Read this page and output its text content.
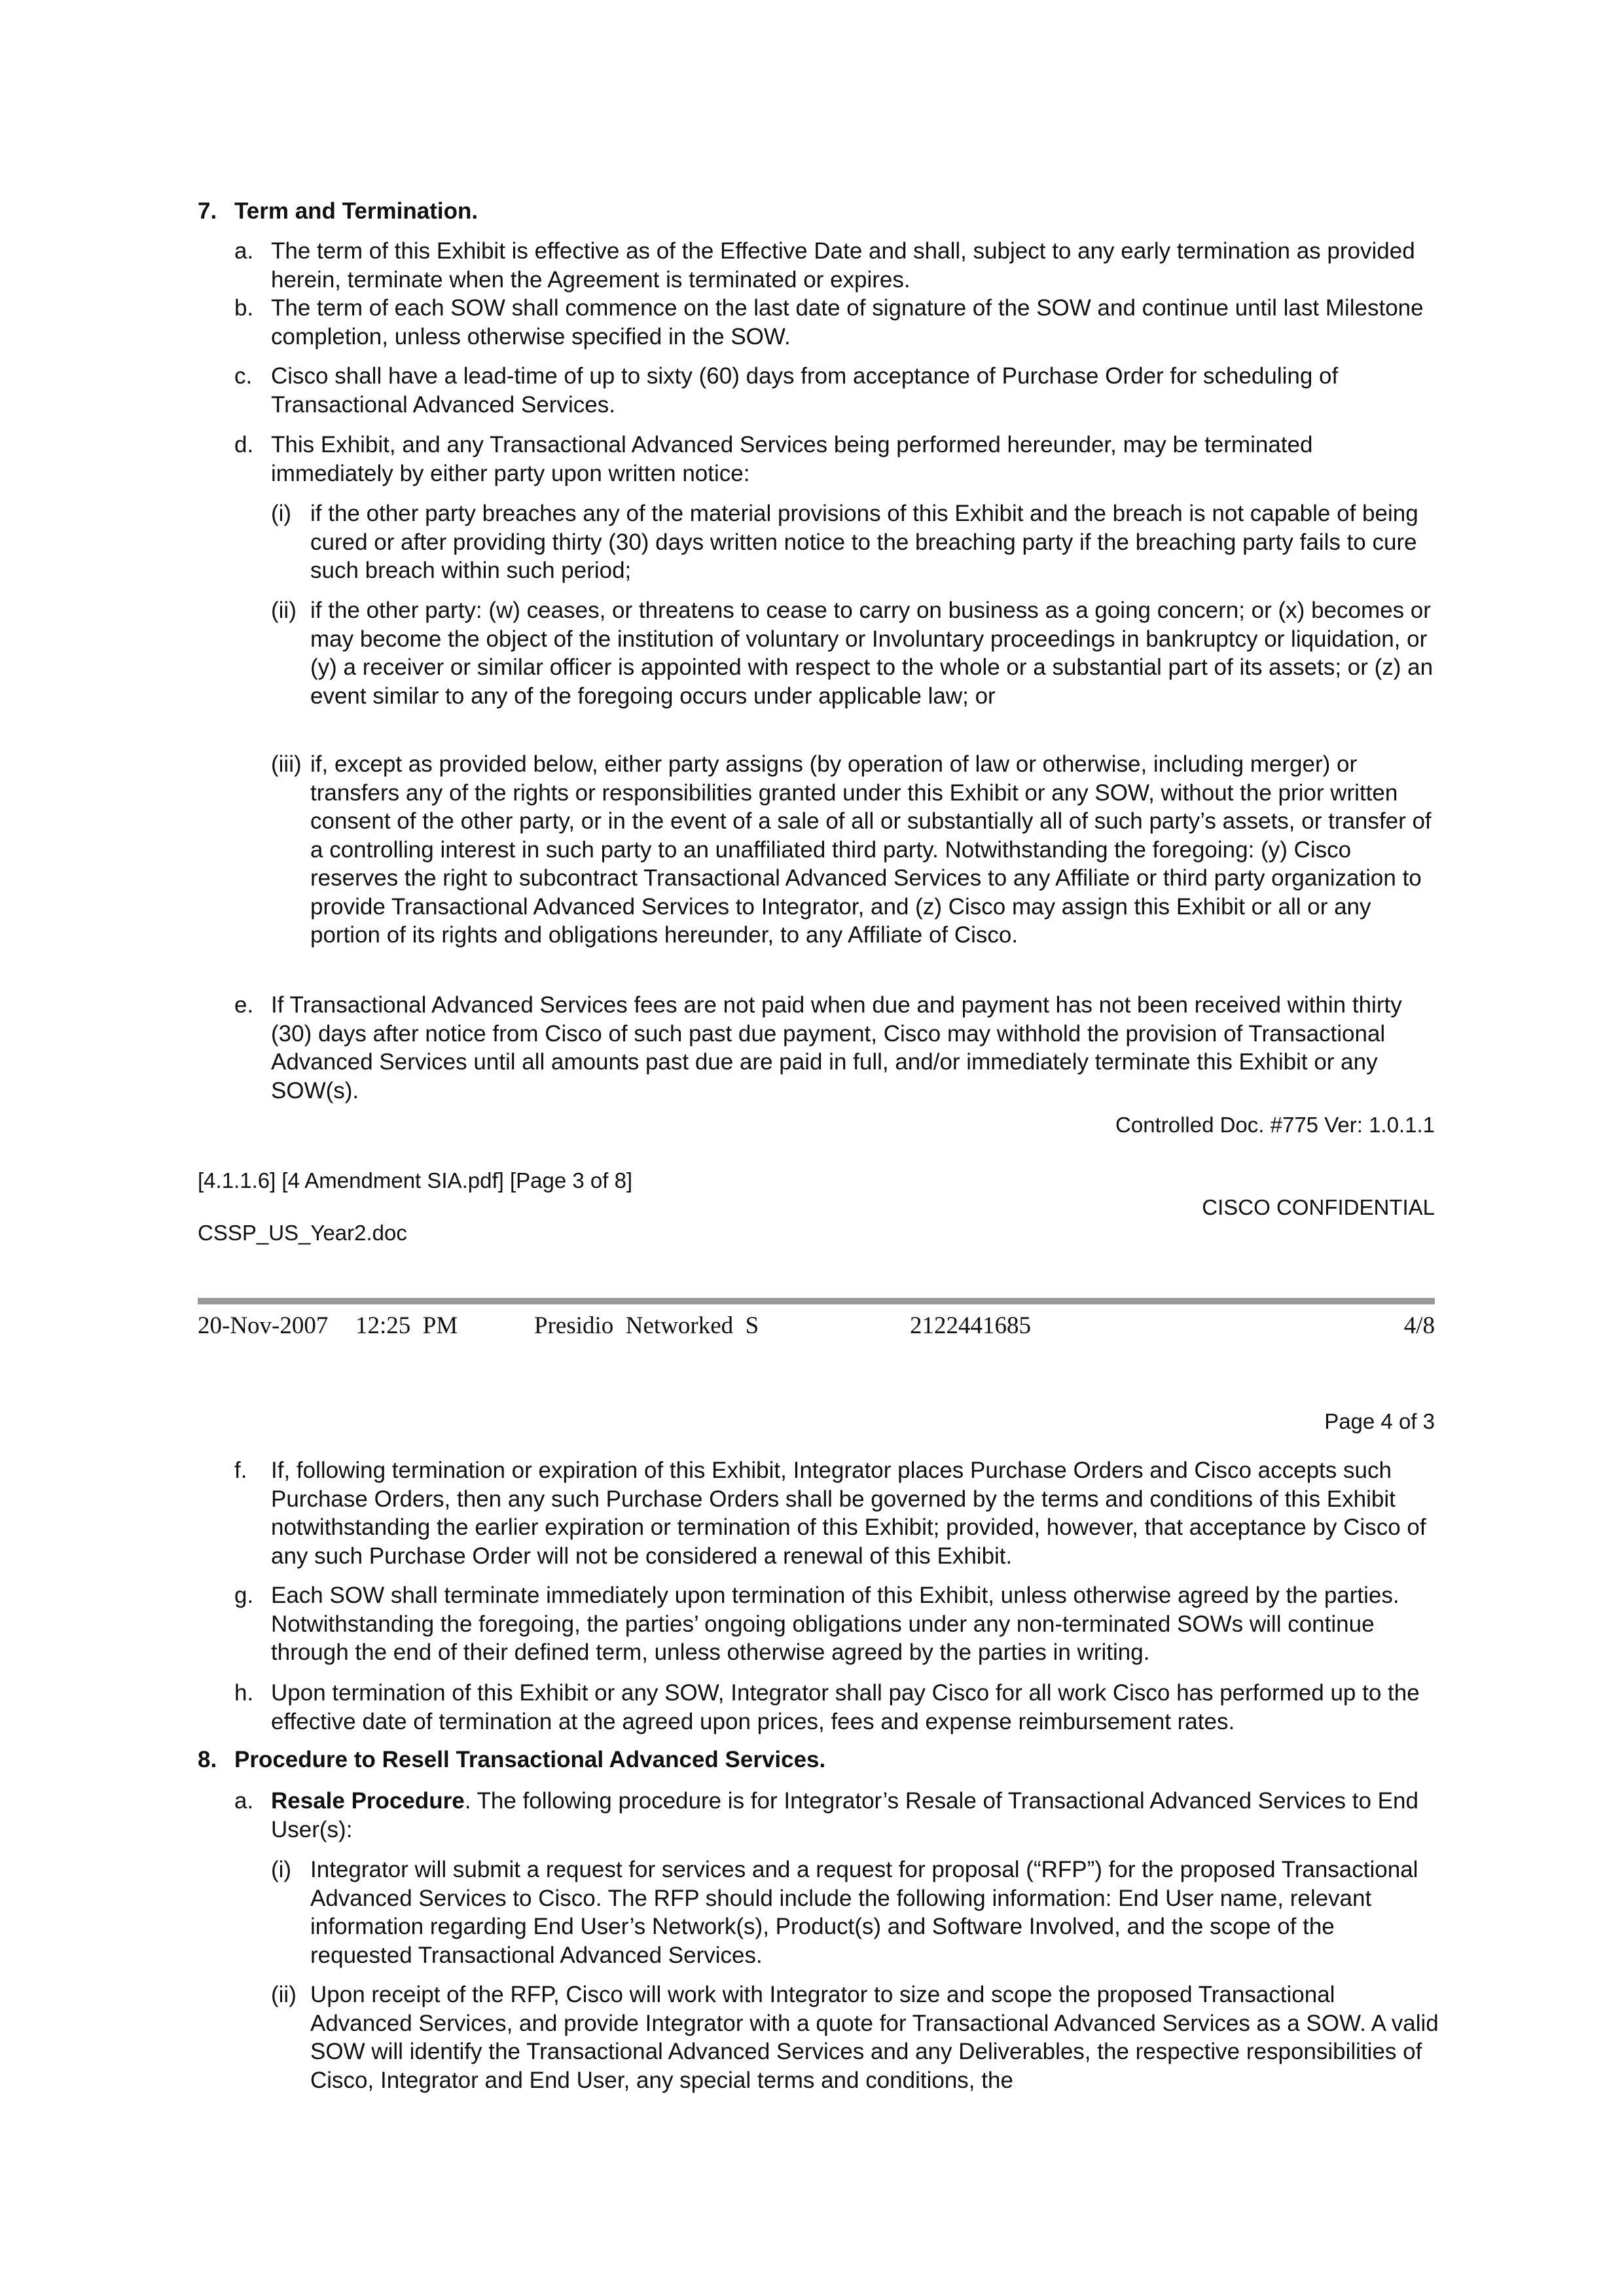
7. Term and Termination.
a. The term of this Exhibit is effective as of the Effective Date and shall, subject to any early termination as provided herein, terminate when the Agreement is terminated or expires.

b. The term of each SOW shall commence on the last date of signature of the SOW and continue until last Milestone completion, unless otherwise specified in the SOW.

c. Cisco shall have a lead-time of up to sixty (60) days from acceptance of Purchase Order for scheduling of Transactional Advanced Services.

d. This Exhibit, and any Transactional Advanced Services being performed hereunder, may be terminated immediately by either party upon written notice:

(i) if the other party breaches any of the material provisions of this Exhibit and the breach is not capable of being cured or after providing thirty (30) days written notice to the breaching party if the breaching party fails to cure such breach within such period;

(ii) if the other party: (w) ceases, or threatens to cease to carry on business as a going concern; or (x) becomes or may become the object of the institution of voluntary or Involuntary proceedings in bankruptcy or liquidation, or (y) a receiver or similar officer is appointed with respect to the whole or a substantial part of its assets; or (z) an event similar to any of the foregoing occurs under applicable law; or

(iii) if, except as provided below, either party assigns (by operation of law or otherwise, including merger) or transfers any of the rights or responsibilities granted under this Exhibit or any SOW, without the prior written consent of the other party, or in the event of a sale of all or substantially all of such party’s assets, or transfer of a controlling interest in such party to an unaffiliated third party. Notwithstanding the foregoing: (y) Cisco reserves the right to subcontract Transactional Advanced Services to any Affiliate or third party organization to provide Transactional Advanced Services to Integrator, and (z) Cisco may assign this Exhibit or all or any portion of its rights and obligations hereunder, to any Affiliate of Cisco.

e. If Transactional Advanced Services fees are not paid when due and payment has not been received within thirty (30) days after notice from Cisco of such past due payment, Cisco may withhold the provision of Transactional Advanced Services until all amounts past due are paid in full, and/or immediately terminate this Exhibit or any SOW(s).

Controlled Doc. #775 Ver: 1.0.1.1
[4.1.1.6] [4 Amendment SIA.pdf] [Page 3 of 8]
CISCO CONFIDENTIAL
CSSP_US_Year2.doc
20-Nov-2007 12:25  PM	Presidio  Networked  S	2122441685	4/8
Page 4 of 3
f. If, following termination or expiration of this Exhibit, Integrator places Purchase Orders and Cisco accepts such Purchase Orders, then any such Purchase Orders shall be governed by the terms and conditions of this Exhibit notwithstanding the earlier expiration or termination of this Exhibit; provided, however, that acceptance by Cisco of any such Purchase Order will not be considered a renewal of this Exhibit.

g. Each SOW shall terminate immediately upon termination of this Exhibit, unless otherwise agreed by the parties. Notwithstanding the foregoing, the parties’ ongoing obligations under any non-terminated SOWs will continue through the end of their defined term, unless otherwise agreed by the parties in writing.

h. Upon termination of this Exhibit or any SOW, Integrator shall pay Cisco for all work Cisco has performed up to the effective date of termination at the agreed upon prices, fees and expense reimbursement rates.

8. Procedure to Resell Transactional Advanced Services.
a. Resale Procedure. The following procedure is for Integrator’s Resale of Transactional Advanced Services to End User(s):

(i) Integrator will submit a request for services and a request for proposal (“RFP”) for the proposed Transactional Advanced Services to Cisco. The RFP should include the following information: End User name, relevant information regarding End User’s Network(s), Product(s) and Software Involved, and the scope of the requested Transactional Advanced Services.

(ii) Upon receipt of the RFP, Cisco will work with Integrator to size and scope the proposed Transactional Advanced Services, and provide Integrator with a quote for Transactional Advanced Services as a SOW. A valid SOW will identify the Transactional Advanced Services and any Deliverables, the respective responsibilities of Cisco, Integrator and End User, any special terms and conditions, the
